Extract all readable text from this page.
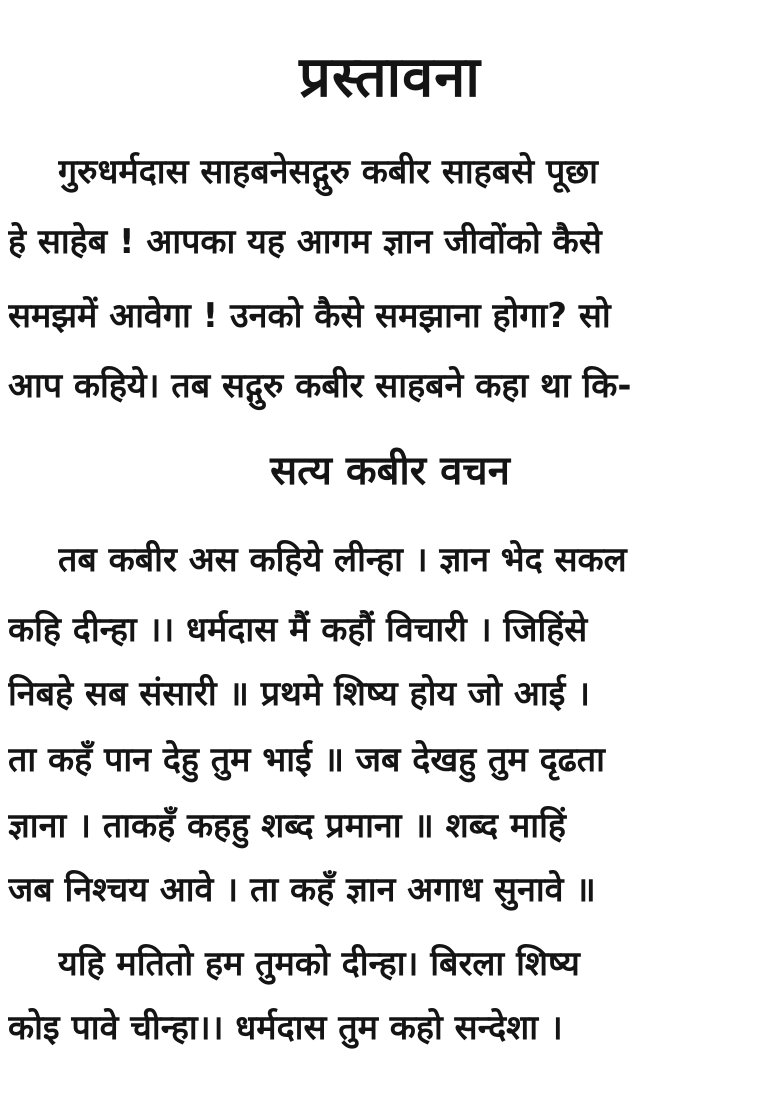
प्रस्तावना

गुरुधर्मदास साहबनेसद्गुरु कबीर साहबसे पूछा

हे साहेब ! आपका यह आगम ज्ञान जीवोंको कैसे

समझमें आवेगा ! उनको कैसे समझाना होगा? सो

आप कहिये। तब सद्गुरु कबीर साहबने कहा था कि-

सत्य कबीर वचन

तब कबीर अस कहिये लीन्हा । ज्ञान भेद सकल

कहि दीन्हा ।। धर्मदास मैं कहौं विचारी । जिहिंसे

निबहे सब संसारी ॥ प्रथमे शिष्य होय जो आई ।

ता कहँ पान देहु तुम भाई ॥ जब देखहु तुम दृढता

ज्ञाना । ताकहँ कहहु शब्द प्रमाना ॥ शब्द माहिं

जब निश्चय आवे । ता कहँ ज्ञान अगाध सुनावे ॥

यहि मतितो हम तुमको दीन्हा। बिरला शिष्य

कोइ पावे चीन्हा।। धर्मदास तुम कहो सन्देशा ।
